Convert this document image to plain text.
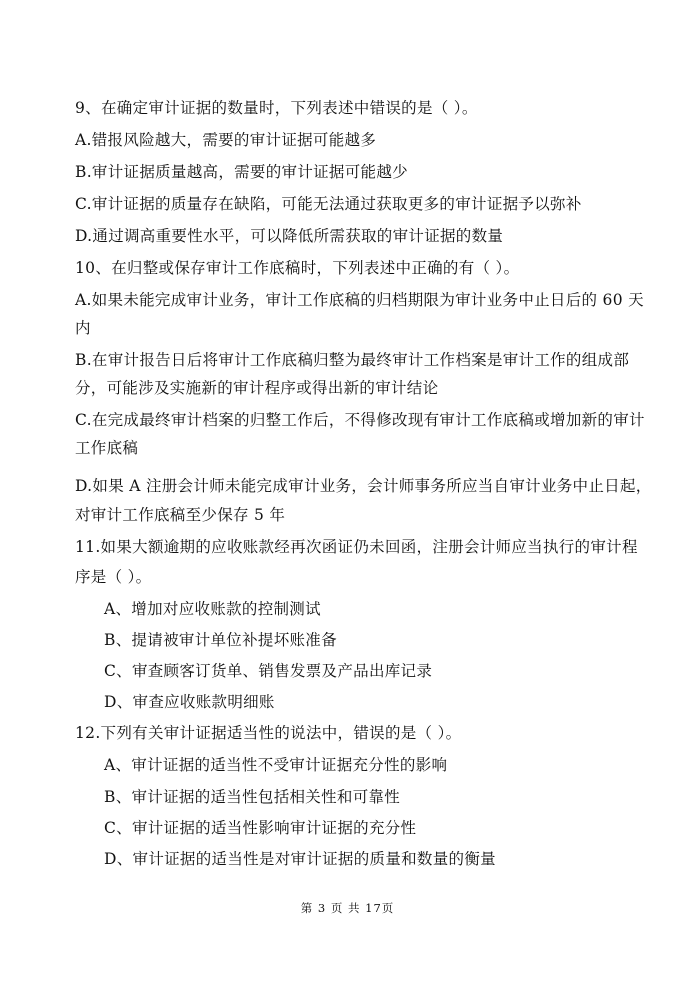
9、在确定审计证据的数量时，下列表述中错误的是（ ）。
A.错报风险越大，需要的审计证据可能越多
B.审计证据质量越高，需要的审计证据可能越少
C.审计证据的质量存在缺陷，可能无法通过获取更多的审计证据予以弥补
D.通过调高重要性水平，可以降低所需获取的审计证据的数量
10、在归整或保存审计工作底稿时，下列表述中正确的有（ ）。
A.如果未能完成审计业务，审计工作底稿的归档期限为审计业务中止日后的 60 天
内
B.在审计报告日后将审计工作底稿归整为最终审计工作档案是审计工作的组成部
分，可能涉及实施新的审计程序或得出新的审计结论
C.在完成最终审计档案的归整工作后，不得修改现有审计工作底稿或增加新的审计
工作底稿
D.如果 A 注册会计师未能完成审计业务，会计师事务所应当自审计业务中止日起，
对审计工作底稿至少保存 5 年
11.如果大额逾期的应收账款经再次函证仍未回函，注册会计师应当执行的审计程
序是（ ）。
A、增加对应收账款的控制测试
B、提请被审计单位补提坏账准备
C、审查顾客订货单、销售发票及产品出库记录
D、审查应收账款明细账
12.下列有关审计证据适当性的说法中，错误的是（ ）。
A、审计证据的适当性不受审计证据充分性的影响
B、审计证据的适当性包括相关性和可靠性
C、审计证据的适当性影响审计证据的充分性
D、审计证据的适当性是对审计证据的质量和数量的衡量
第 3 页 共 17页
